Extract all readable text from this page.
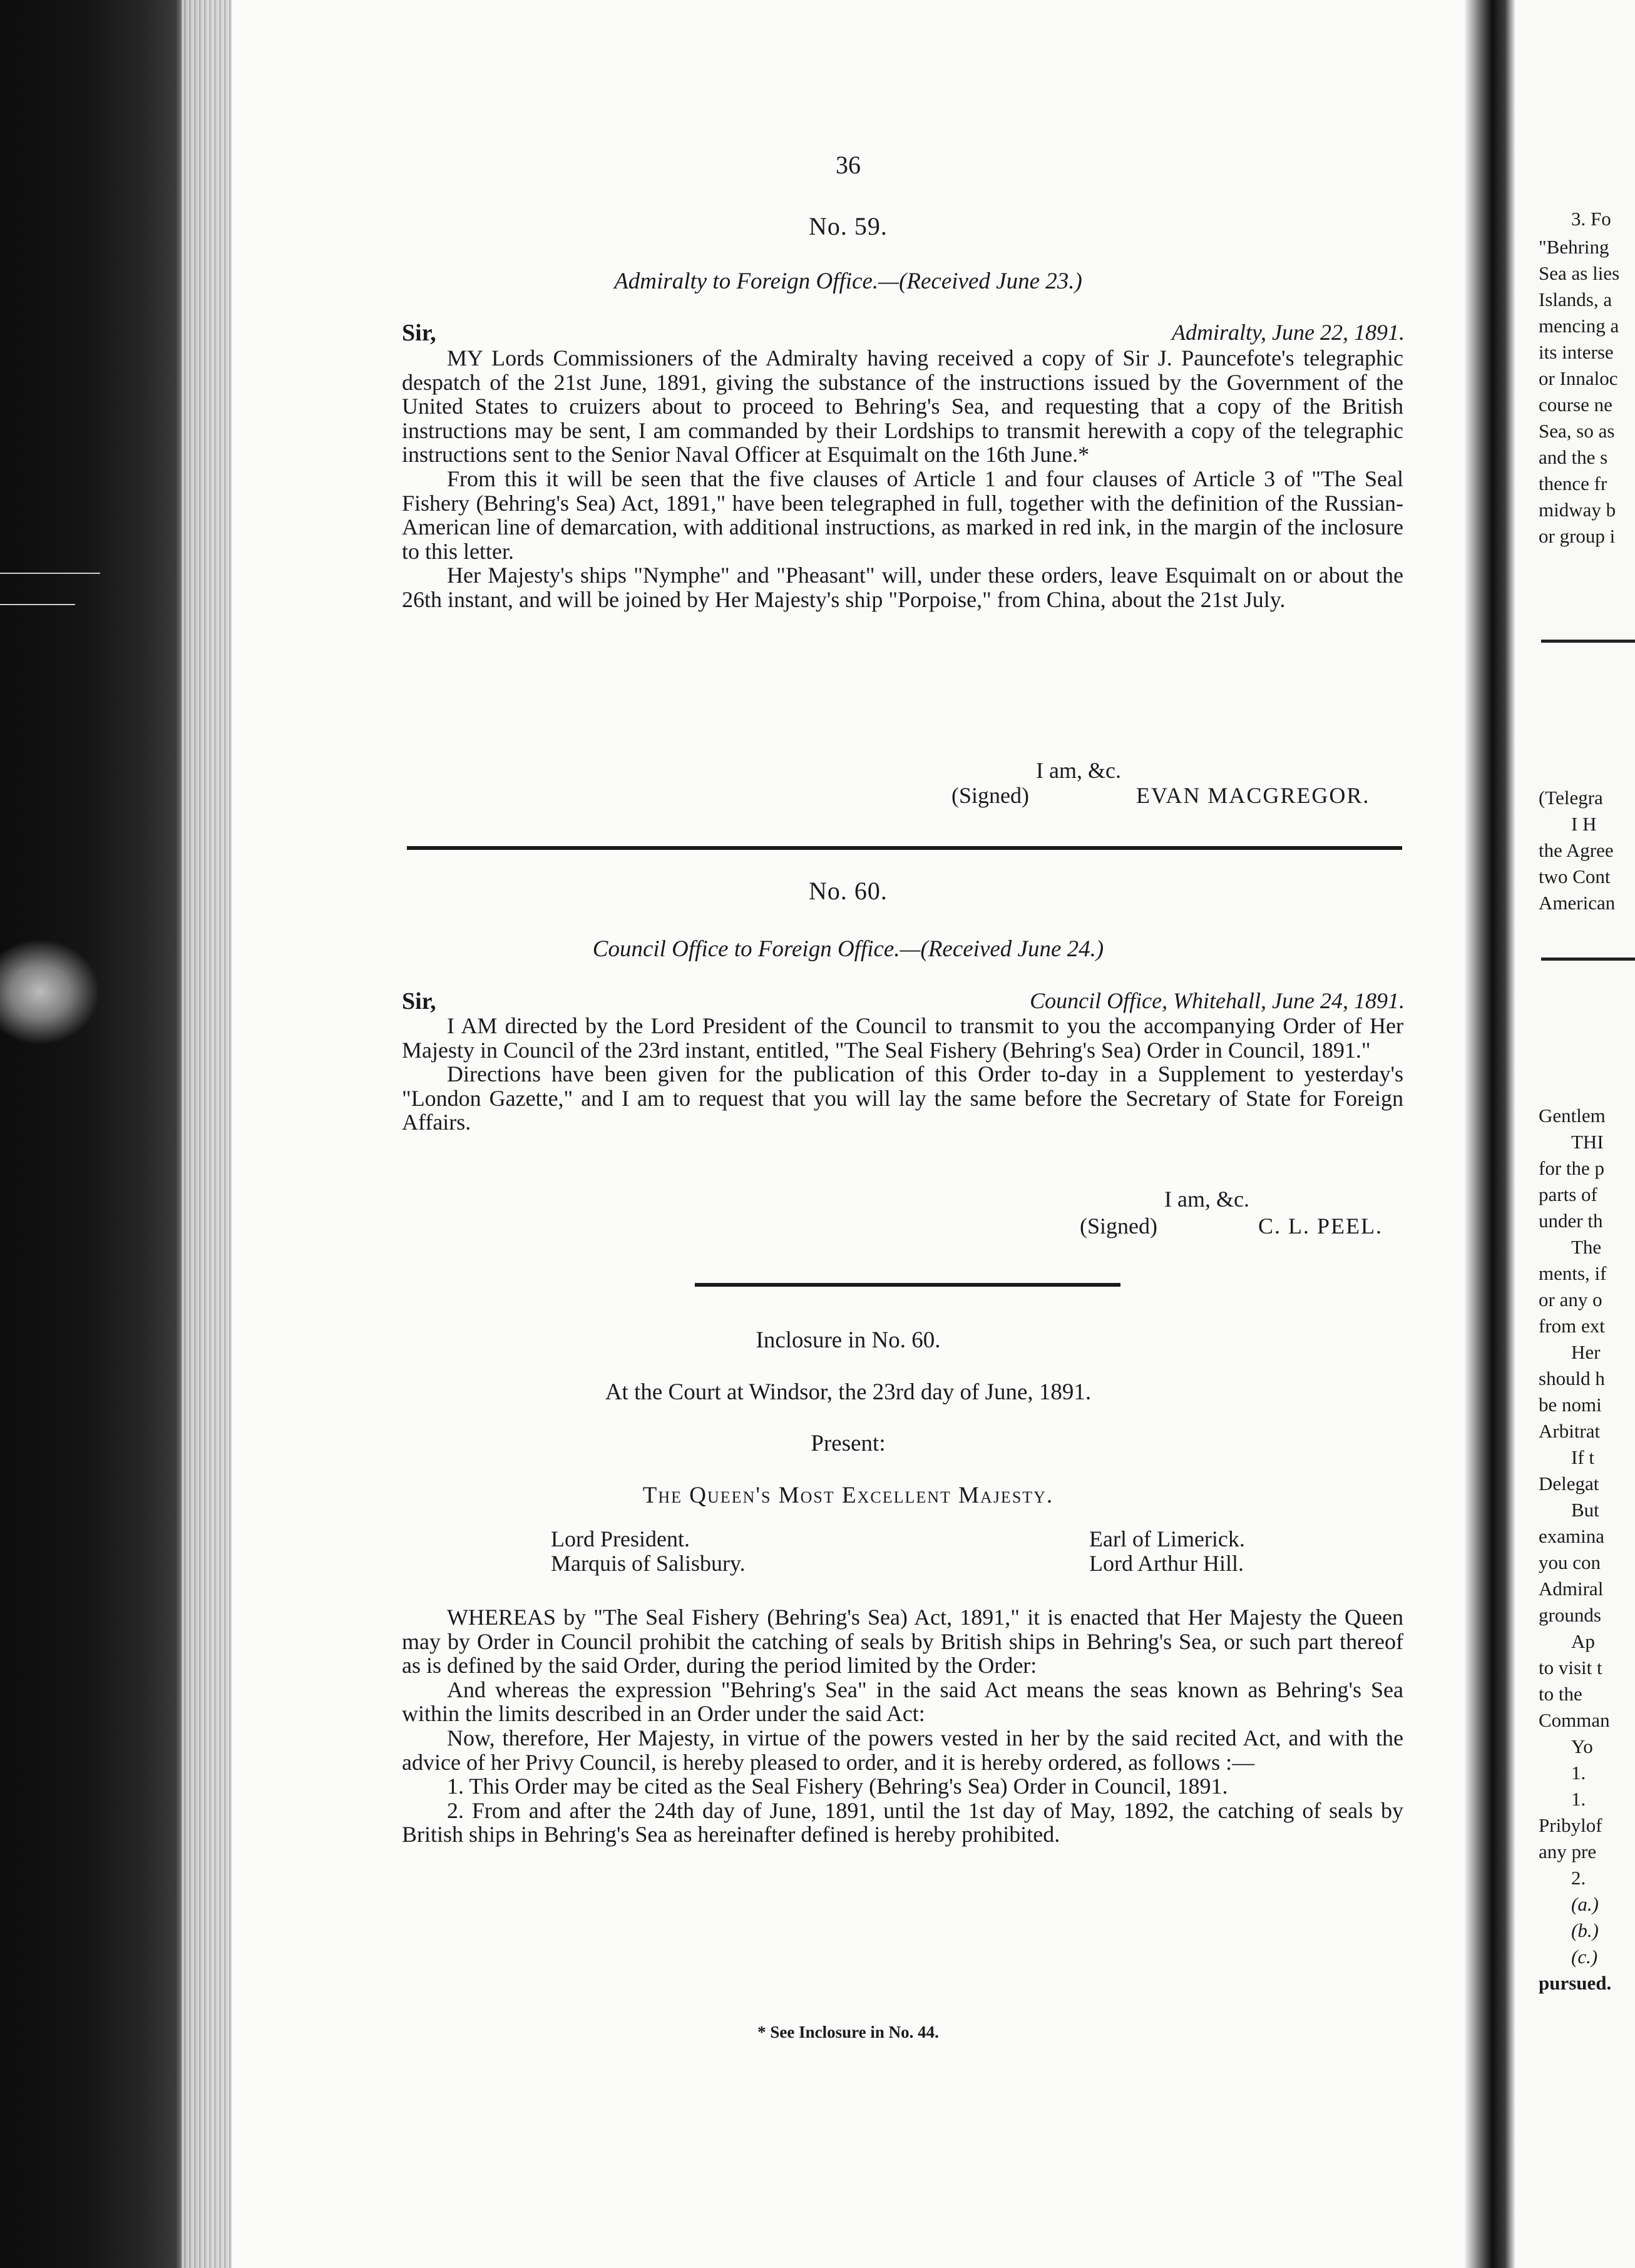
36
No. 59.
Admiralty to Foreign Office.—(Received June 23.)
Sir,	Admiralty, June 22, 1891.

MY Lords Commissioners of the Admiralty having received a copy of Sir J. Pauncefote's telegraphic despatch of the 21st June, 1891, giving the substance of the instructions issued by the Government of the United States to cruizers about to proceed to Behring's Sea, and requesting that a copy of the British instructions may be sent, I am commanded by their Lordships to transmit herewith a copy of the telegraphic instructions sent to the Senior Naval Officer at Esquimalt on the 16th June.*

From this it will be seen that the five clauses of Article 1 and four clauses of Article 3 of "The Seal Fishery (Behring's Sea) Act, 1891," have been telegraphed in full, together with the definition of the Russian-American line of demarcation, with additional instructions, as marked in red ink, in the margin of the inclosure to this letter.

Her Majesty's ships "Nymphe" and "Pheasant" will, under these orders, leave Esquimalt on or about the 26th instant, and will be joined by Her Majesty's ship "Porpoise," from China, about the 21st July.

I am, &c.
(Signed)	EVAN MACGREGOR.
No. 60.
Council Office to Foreign Office.—(Received June 24.)
Sir,	Council Office, Whitehall, June 24, 1891.

I AM directed by the Lord President of the Council to transmit to you the accompanying Order of Her Majesty in Council of the 23rd instant, entitled, "The Seal Fishery (Behring's Sea) Order in Council, 1891."

Directions have been given for the publication of this Order to-day in a Supplement to yesterday's "London Gazette," and I am to request that you will lay the same before the Secretary of State for Foreign Affairs.

I am, &c.
(Signed)	C. L. PEEL.
Inclosure in No. 60.
At the Court at Windsor, the 23rd day of June, 1891.
Present:
The Queen's Most Excellent Majesty.
Lord President.
Marquis of Salisbury.
Earl of Limerick.
Lord Arthur Hill.

WHEREAS by "The Seal Fishery (Behring's Sea) Act, 1891," it is enacted that Her Majesty the Queen may by Order in Council prohibit the catching of seals by British ships in Behring's Sea, or such part thereof as is defined by the said Order, during the period limited by the Order:

And whereas the expression "Behring's Sea" in the said Act means the seas known as Behring's Sea within the limits described in an Order under the said Act:

Now, therefore, Her Majesty, in virtue of the powers vested in her by the said recited Act, and with the advice of her Privy Council, is hereby pleased to order, and it is hereby ordered, as follows :—

1. This Order may be cited as the Seal Fishery (Behring's Sea) Order in Council, 1891.

2. From and after the 24th day of June, 1891, until the 1st day of May, 1892, the catching of seals by British ships in Behring's Sea as hereinafter defined is hereby prohibited.

* See Inclosure in No. 44.
3. Fo
"Behring
Sea as lies
Islands, a
mencing a
its interse
or Innaloc
course ne
Sea, so as
and the s
thence fr
midway b
or group i
(Telegra
I H
the Agree
two Cont
American
Gentlem
THI
for the p
parts of
under th
The
ments, if
or any o
from ext
Her
should h
be nomi
Arbitrat
If t
Delegat
But
examina
you con
Admiral
grounds
Ap
to visit t
to the
Comman
Yo
1.
1.
Pribylof
any pre
2.
(a.)
(b.)
(c.)
pursued.
